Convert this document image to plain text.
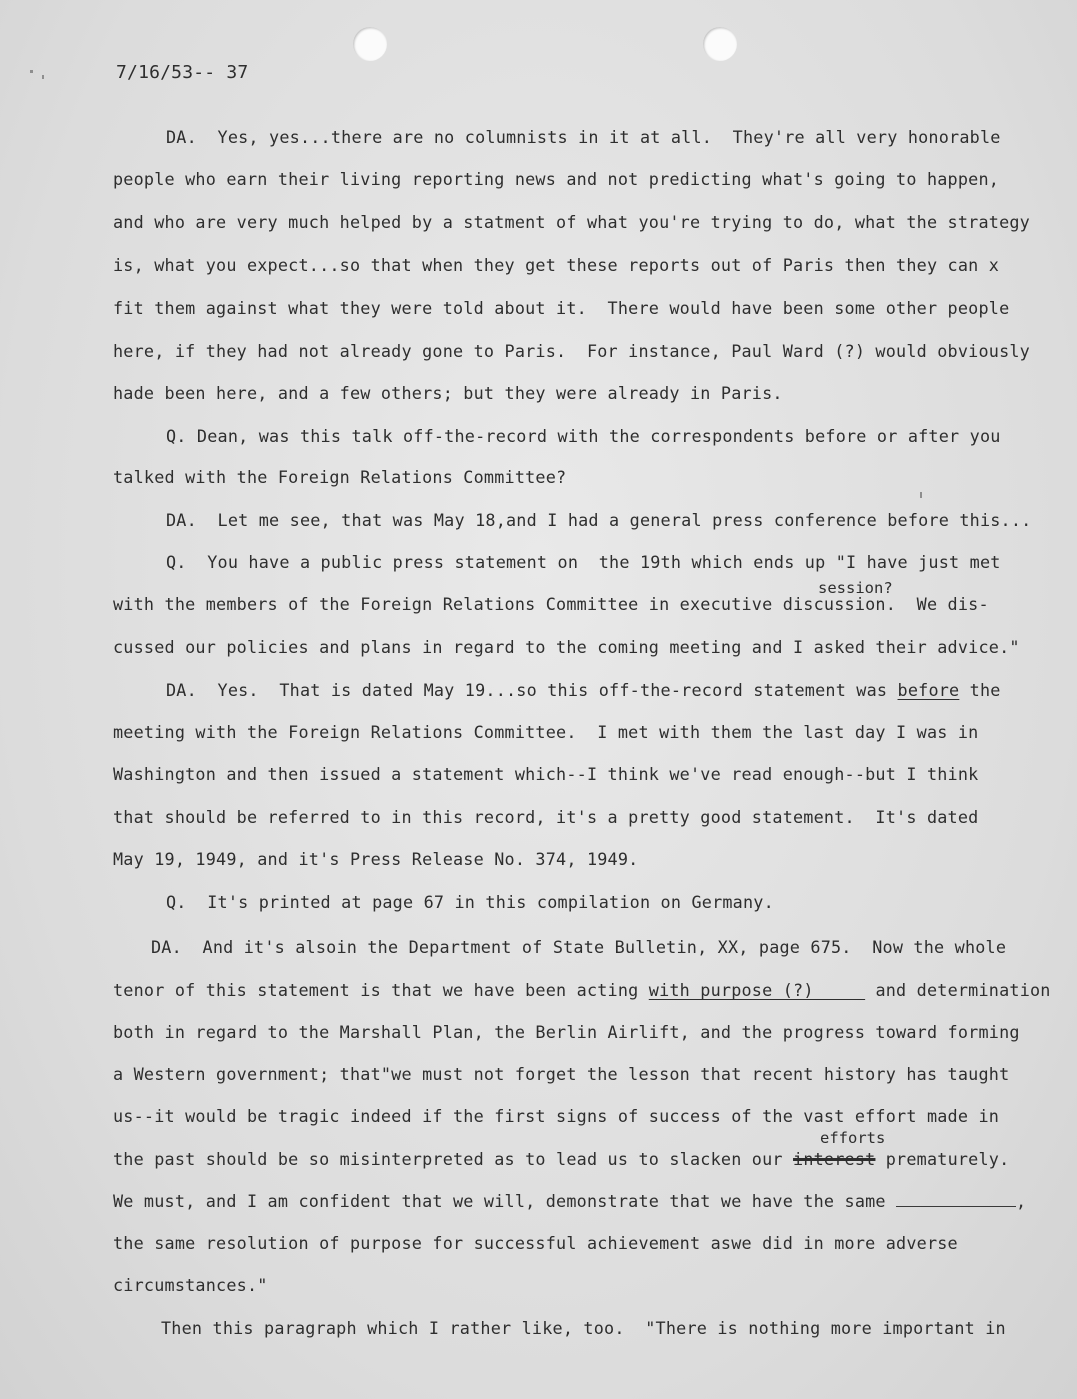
7/16/53-- 37
DA.  Yes, yes...there are no columnists in it at all.  They're all very honorable
people who earn their living reporting news and not predicting what's going to happen,
and who are very much helped by a statment of what you're trying to do, what the strategy
is, what you expect...so that when they get these reports out of Paris then they can x
fit them against what they were told about it.  There would have been some other people
here, if they had not already gone to Paris.  For instance, Paul Ward (?) would obviously
hade been here, and a few others; but they were already in Paris.
Q. Dean, was this talk off-the-record with the correspondents before or after you
talked with the Foreign Relations Committee?
DA.  Let me see, that was May 18,and I had a general press conference before this...
Q.  You have a public press statement on  the 19th which ends up "I have just met
session?
with the members of the Foreign Relations Committee in executive discussion.  We dis-
cussed our policies and plans in regard to the coming meeting and I asked their advice."
DA.  Yes.  That is dated May 19...so this off-the-record statement was before the
meeting with the Foreign Relations Committee.  I met with them the last day I was in
Washington and then issued a statement which--I think we've read enough--but I think
that should be referred to in this record, it's a pretty good statement.  It's dated
May 19, 1949, and it's Press Release No. 374, 1949.
Q.  It's printed at page 67 in this compilation on Germany.
DA.  And it's alsoin the Department of State Bulletin, XX, page 675.  Now the whole
tenor of this statement is that we have been acting with purpose (?)      and determination
both in regard to the Marshall Plan, the Berlin Airlift, and the progress toward forming
a Western government; that"we must not forget the lesson that recent history has taught
us--it would be tragic indeed if the first signs of success of the vast effort made in
efforts
the past should be so misinterpreted as to lead us to slacken our interest prematurely.
We must, and I am confident that we will, demonstrate that we have the same	,
the same resolution of purpose for successful achievement aswe did in more adverse
circumstances."
Then this paragraph which I rather like, too.  "There is nothing more important in
